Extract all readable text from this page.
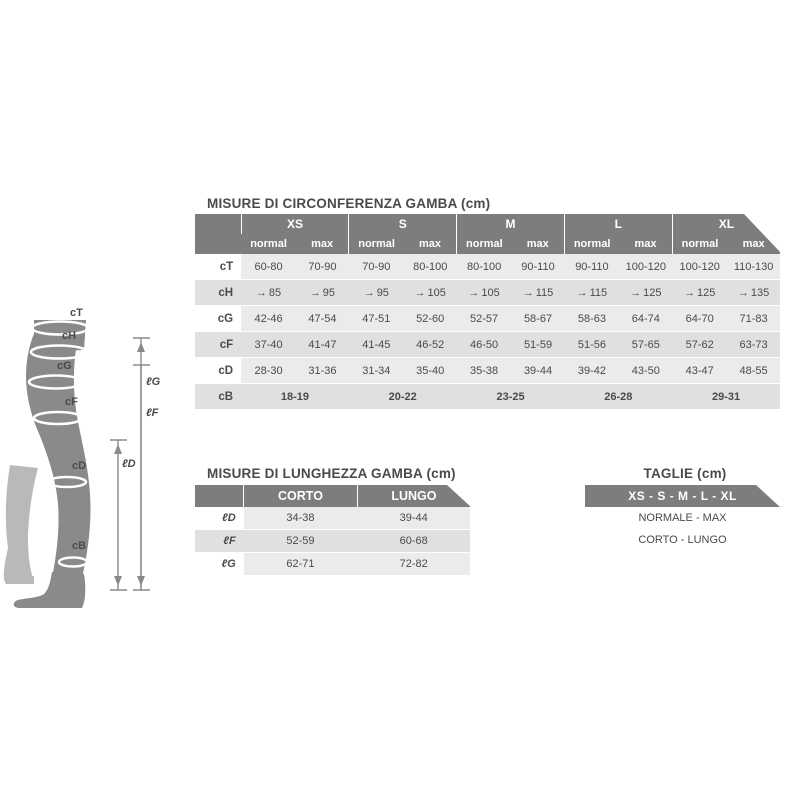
cT
cH
cG
cF
cD
cB
ℓG
ℓF
ℓD
MISURE DI CIRCONFERENZA GAMBA (cm)
	XS		S		M		L		XL	
	normal	max	normal	max	normal	max	normal	max	normal	max
cT	60-80	70-90	70-90	80-100	80-100	90-110	90-110	100-120	100-120	110-130
cH	→ 85	→ 95	→ 95	→ 105	→ 105	→ 115	→ 115	→ 125	→ 125	→ 135
cG	42-46	47-54	47-51	52-60	52-57	58-67	58-63	64-74	64-70	71-83
cF	37-40	41-47	41-45	46-52	46-50	51-59	51-56	57-65	57-62	63-73
cD	28-30	31-36	31-34	35-40	35-38	39-44	39-42	43-50	43-47	48-55
cB	18-19		20-22		23-25		26-28		29-31	
MISURE DI LUNGHEZZA GAMBA (cm)
	CORTO	LUNGO
ℓD	34-38	39-44
ℓF	52-59	60-68
ℓG	62-71	72-82
TAGLIE (cm)
XS - S - M - L - XL
NORMALE - MAX
CORTO - LUNGO
